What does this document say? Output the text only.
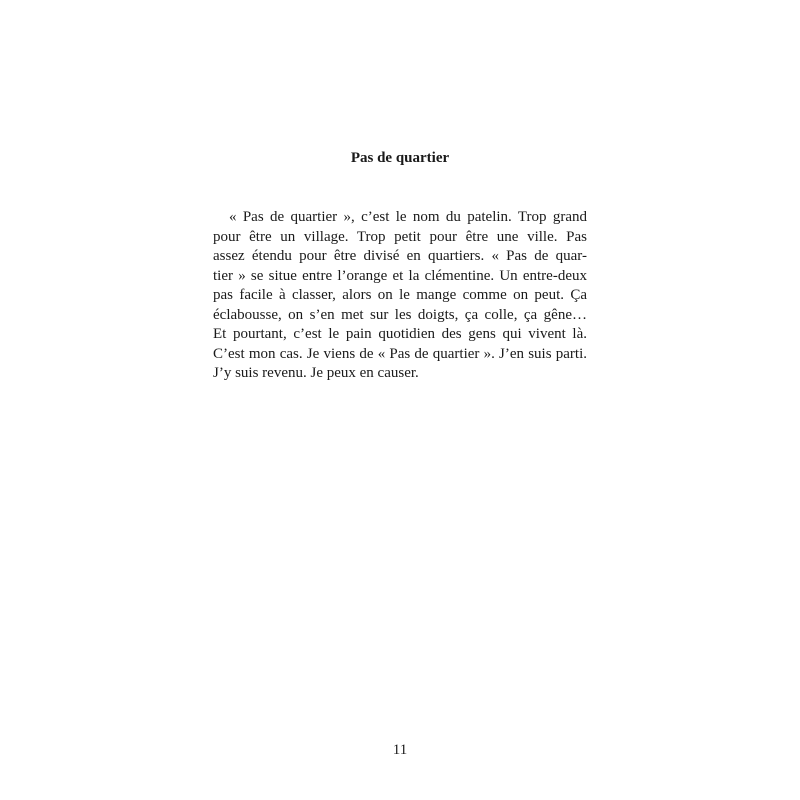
Pas de quartier
« Pas de quartier », c’est le nom du patelin. Trop grand
pour être un village. Trop petit pour être une ville. Pas
assez étendu pour être divisé en quartiers. « Pas de quar-
tier » se situe entre l’orange et la clémentine. Un entre-deux
pas facile à classer, alors on le mange comme on peut. Ça
éclabousse, on s’en met sur les doigts, ça colle, ça gêne…
Et pourtant, c’est le pain quotidien des gens qui vivent là.
C’est mon cas. Je viens de « Pas de quartier ». J’en suis parti.
J’y suis revenu. Je peux en causer.

11
